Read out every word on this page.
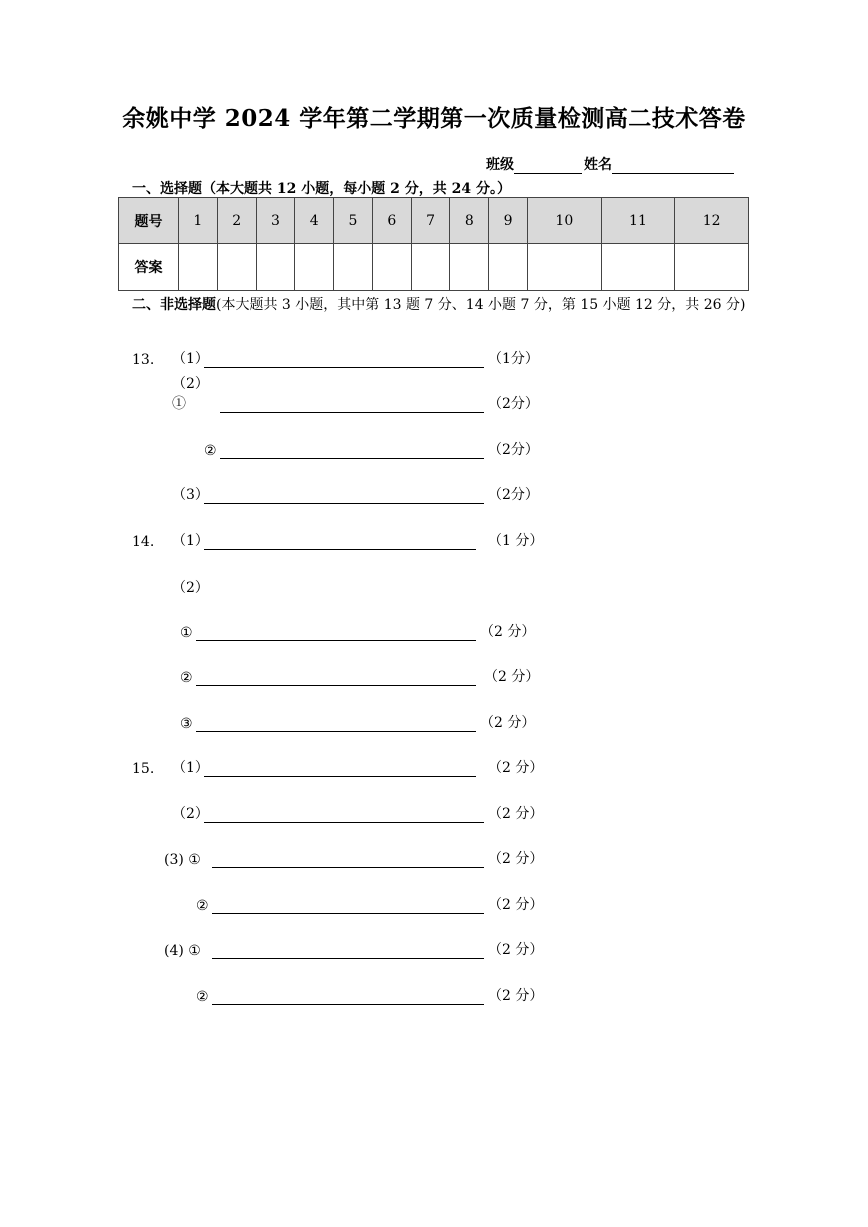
余姚中学 2024 学年第二学期第一次质量检测高二技术答卷
班级	姓名
一、选择题（本大题共 12 小题，每小题 2 分，共 24 分。）
题号	1	2	3	4	5	6	7	8	9	10	11	12
答案												
二、非选择题(本大题共 3 小题，其中第 13 题 7 分、14 小题 7 分，第 15 小题 12 分，共 26 分)
13.	（1）	（1分）
（2）①	（2分）
②	（2分）
（3）	（2分）
14.	（1）	（1 分）
（2）
①	（2 分）
②	（2 分）
③	（2 分）
15.	（1）	（2 分）
（2）	（2 分）
(3) ①	（2 分）
②	（2 分）
(4) ①	（2 分）
②	（2 分）
